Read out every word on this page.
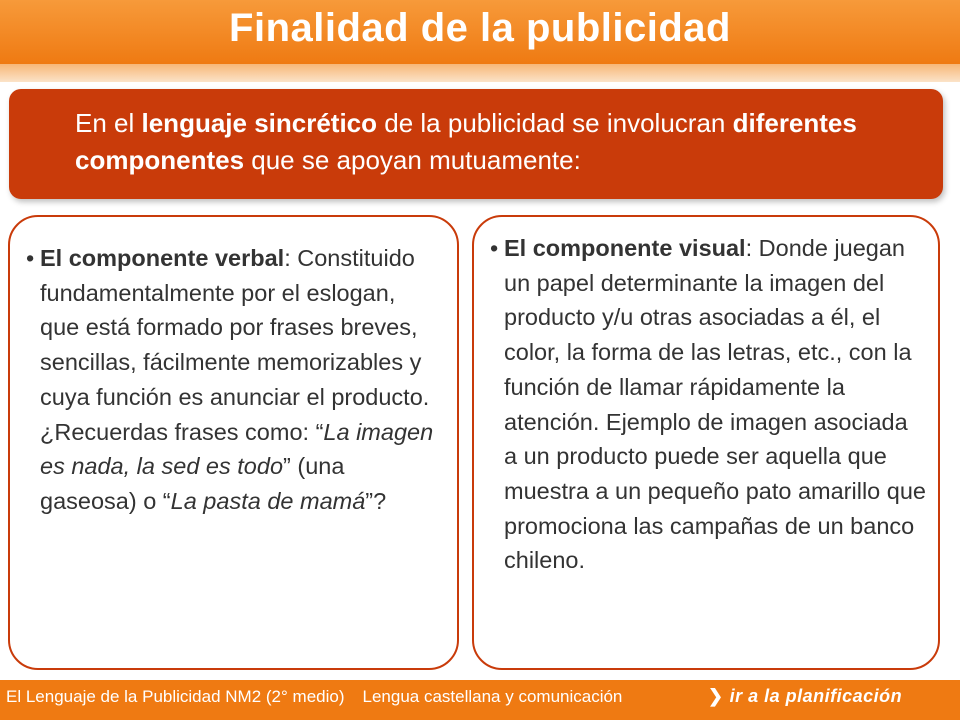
Finalidad de la publicidad

En el lenguaje sincrético de la publicidad se involucran diferentes componentes que se apoyan mutuamente:

• El componente verbal: Constituido fundamentalmente por el eslogan, que está formado por frases breves, sencillas, fácilmente memorizables y cuya función es anunciar el producto. ¿Recuerdas frases como: “La imagen es nada, la sed es todo” (una gaseosa) o “La pasta de mamá”?

• El componente visual: Donde juegan un papel determinante la imagen del producto y/u otras asociadas a él, el color, la forma de las letras, etc., con la función de llamar rápidamente la atención. Ejemplo de imagen asociada a un producto puede ser aquella que muestra a un pequeño pato amarillo que promociona las campañas de un banco chileno.

El Lenguaje de la Publicidad NM2 (2° medio) Lengua castellana y comunicación	❯ ir a la planificación
